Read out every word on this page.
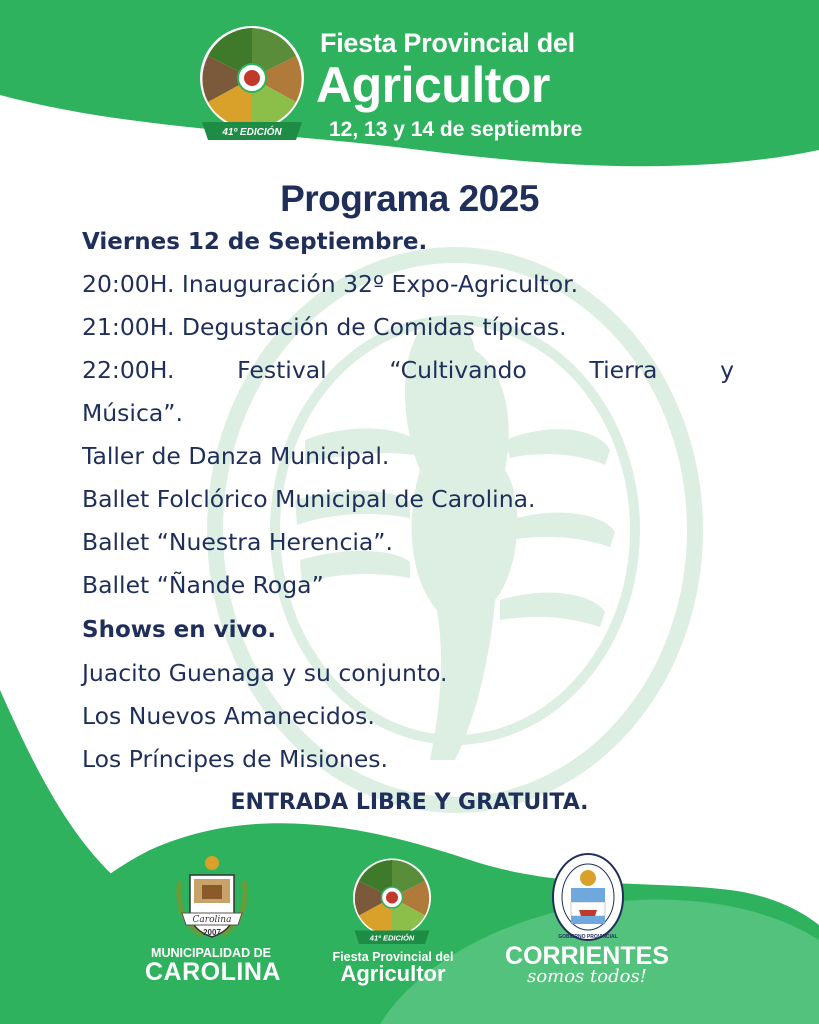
41º EDICIÓN
Fiesta Provincial del
Agricultor
12, 13 y 14 de septiembre
Programa 2025
Viernes 12 de Septiembre.
20:00H. Inauguración 32º Expo-Agricultor.
21:00H. Degustación de Comidas típicas.
22:00H.	Festival	“Cultivando	Tierra	y
Música”.
Taller de Danza Municipal.
Ballet Folclórico Municipal de Carolina.
Ballet “Nuestra Herencia”.
Ballet “Ñande Roga”
Shows en vivo.
Juacito Guenaga y su conjunto.
Los Nuevos Amanecidos.
Los Príncipes de Misiones.
ENTRADA LIBRE Y GRATUITA.
Carolina
2007
MUNICIPALIDAD DE
CAROLINA
41º EDICIÓN
Fiesta Provincial del
Agricultor
GOBIERNO PROVINCIAL
CORRIENTES
somos todos!
